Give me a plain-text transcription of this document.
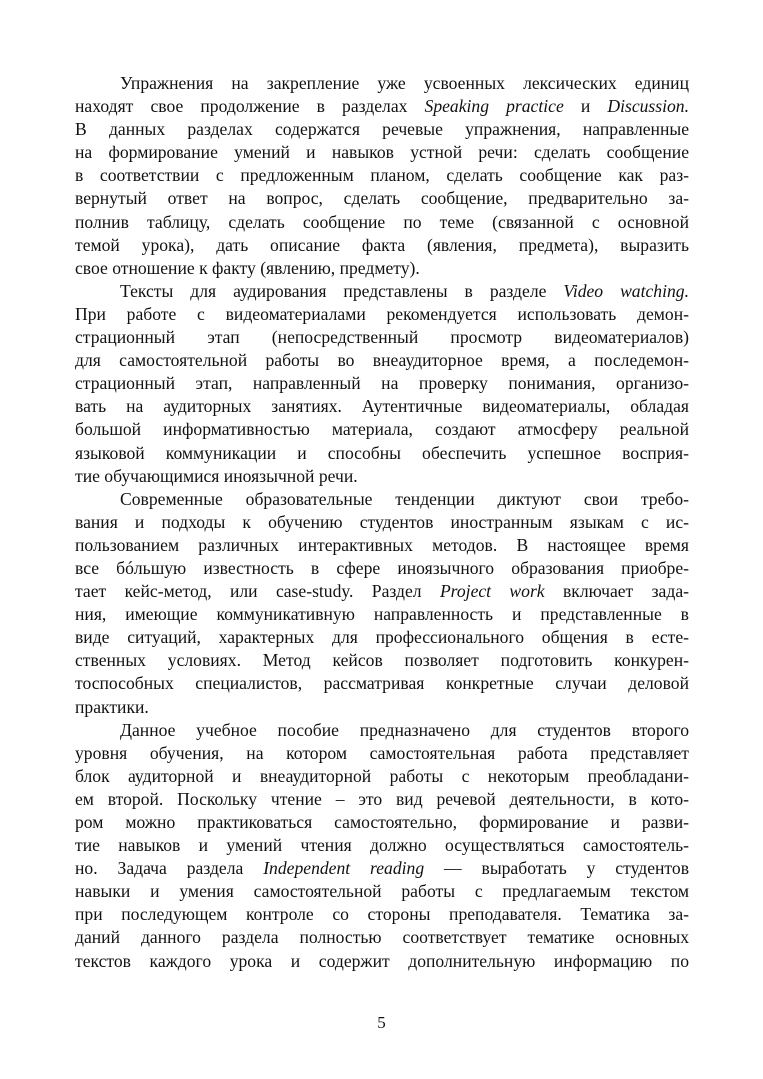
Упражнения на закрепление уже усвоенных лексических единиц
находят свое продолжение в разделах Speaking practice и Discussion.
В данных разделах содержатся речевые упражнения, направленные
на формирование умений и навыков устной речи: сделать сообщение
в соответствии с предложенным планом, сделать сообщение как раз-
вернутый ответ на вопрос, сделать сообщение, предварительно за-
полнив таблицу, сделать сообщение по теме (связанной с основной
темой урока), дать описание факта (явления, предмета), выразить
свое отношение к факту (явлению, предмету).

Тексты для аудирования представлены в разделе Video watching.
При работе с видеоматериалами рекомендуется использовать демон-
страционный этап (непосредственный просмотр видеоматериалов)
для самостоятельной работы во внеаудиторное время, а последемон-
страционный этап, направленный на проверку понимания, организо-
вать на аудиторных занятиях. Аутентичные видеоматериалы, обладая
большой информативностью материала, создают атмосферу реальной
языковой коммуникации и способны обеспечить успешное восприя-
тие обучающимися иноязычной речи.

Современные образовательные тенденции диктуют свои требо-
вания и подходы к обучению студентов иностранным языкам с ис-
пользованием различных интерактивных методов. В настоящее время
все бóльшую известность в сфере иноязычного образования приобре-
тает кейс-метод, или case-study. Раздел Project work включает зада-
ния, имеющие коммуникативную направленность и представленные в
виде ситуаций, характерных для профессионального общения в есте-
ственных условиях. Метод кейсов позволяет подготовить конкурен-
тоспособных специалистов, рассматривая конкретные случаи деловой
практики.

Данное учебное пособие предназначено для студентов второго
уровня обучения, на котором самостоятельная работа представляет
блок аудиторной и внеаудиторной работы с некоторым преобладани-
ем второй. Поскольку чтение – это вид речевой деятельности, в кото-
ром можно практиковаться самостоятельно, формирование и разви-
тие навыков и умений чтения должно осуществляться самостоятель-
но. Задача раздела Independent reading — выработать у студентов
навыки и умения самостоятельной работы с предлагаемым текстом
при последующем контроле со стороны преподавателя. Тематика за-
даний данного раздела полностью соответствует тематике основных
текстов каждого урока и содержит дополнительную информацию по

5
